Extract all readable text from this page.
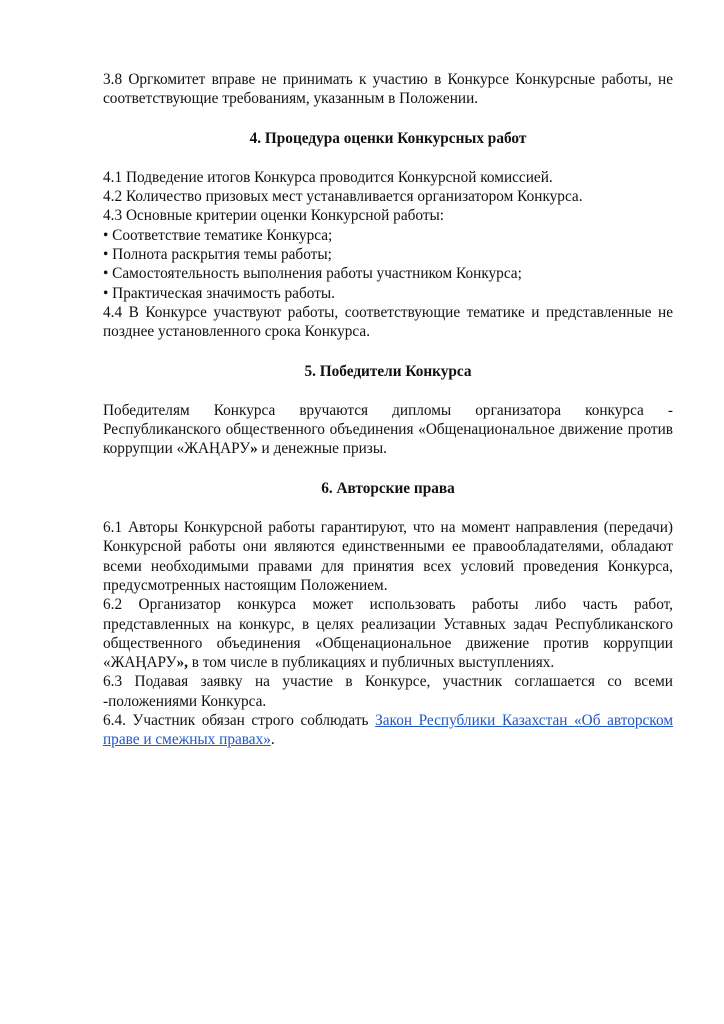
3.8 Оргкомитет вправе не принимать к участию в Конкурсе Конкурсные работы, не соответствующие требованиям, указанным в Положении.

4. Процедура оценки Конкурсных работ

4.1 Подведение итогов Конкурса проводится Конкурсной комиссией.

4.2 Количество призовых мест устанавливается организатором Конкурса.

4.3 Основные критерии оценки Конкурсной работы:

• Соответствие тематике Конкурса;

• Полнота раскрытия темы работы;

• Самостоятельность выполнения работы участником Конкурса;

• Практическая значимость работы.

4.4 В Конкурсе участвуют работы, соответствующие тематике и представленные не позднее установленного срока Конкурса.

5. Победители Конкурса

Победителям Конкурса вручаются дипломы организатора конкурса - Республиканского общественного объединения «Общенациональное движение против коррупции «ЖАҢАРУ» и денежные призы.

6. Авторские права

6.1 Авторы Конкурсной работы гарантируют, что на момент направления (передачи) Конкурсной работы они являются единственными ее правообладателями, обладают всеми необходимыми правами для принятия всех условий проведения Конкурса, предусмотренных настоящим Положением.

6.2 Организатор конкурса может использовать работы либо часть работ, представленных на конкурс, в целях реализации Уставных задач Республиканского общественного объединения «Общенациональное движение против коррупции «ЖАҢАРУ», в том числе в публикациях и публичных выступлениях.

6.3 Подавая заявку на участие в Конкурсе, участник соглашается со всеми -положениями Конкурса.

6.4. Участник обязан строго соблюдать Закон Республики Казахстан «Об авторском праве и смежных правах».
